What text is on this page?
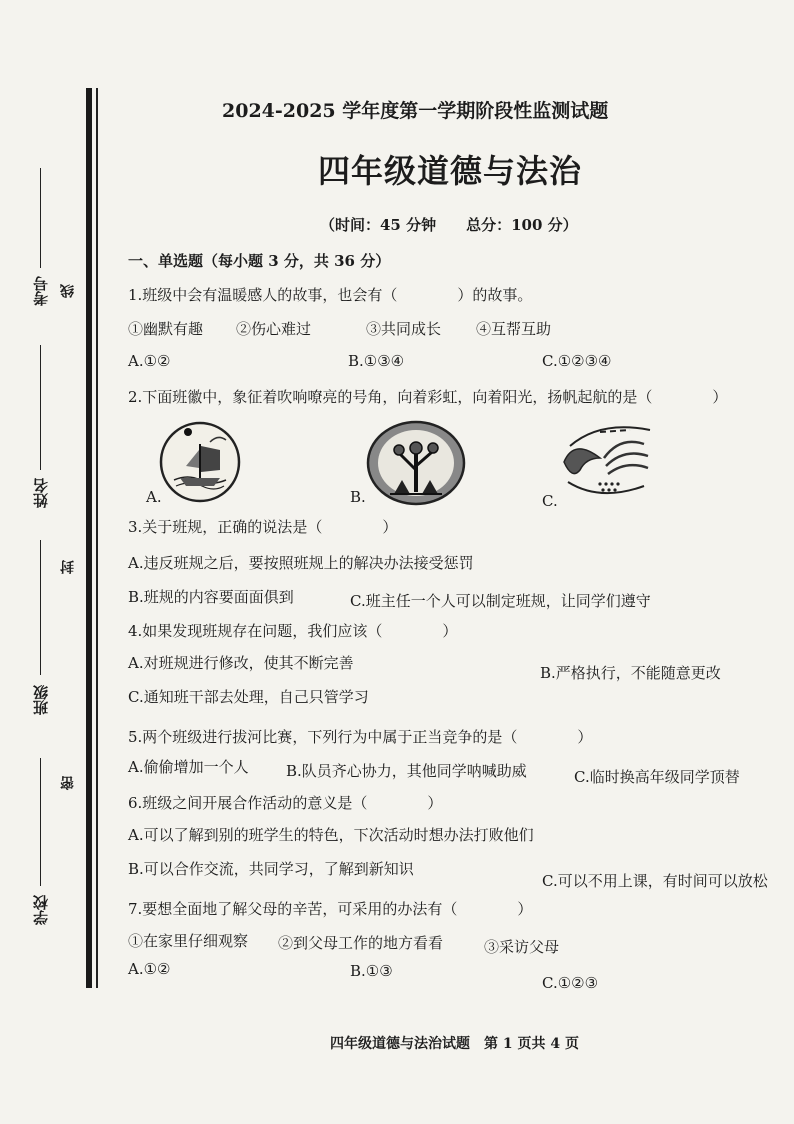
考号
姓名
班级
学校
线
封
密
2024-2025 学年度第一学期阶段性监测试题
四年级道德与法治
（时间：45 分钟　　总分：100 分）
一、单选题（每小题 3 分，共 36 分）
1.班级中会有温暖感人的故事，也会有（　　　　）的故事。
①幽默有趣 ②伤心难过	③共同成长 ④互帮互助
A.①②	B.①③④	C.①②③④
2.下面班徽中，象征着吹响嘹亮的号角，向着彩虹，向着阳光，扬帆起航的是（　　　　）
A.	B.	C.
3.关于班规，正确的说法是（　　　　）
A.违反班规之后，要按照班规上的解决办法接受惩罚
B.班规的内容要面面俱到	C.班主任一个人可以制定班规，让同学们遵守
4.如果发现班规存在问题，我们应该（　　　　）
A.对班规进行修改，使其不断完善
B.严格执行，不能随意更改
C.通知班干部去处理，自己只管学习
5.两个班级进行拔河比赛，下列行为中属于正当竞争的是（　　　　）
A.偷偷增加一个人 B.队员齐心协力，其他同学呐喊助威	C.临时换高年级同学顶替
6.班级之间开展合作活动的意义是（　　　　）
A.可以了解到别的班学生的特色，下次活动时想办法打败他们
B.可以合作交流，共同学习，了解到新知识
C.可以不用上课，有时间可以放松
7.要想全面地了解父母的辛苦，可采用的办法有（　　　　）
①在家里仔细观察 ②到父母工作的地方看看	③采访父母
A.①②	B.①③
C.①②③
四年级道德与法治试题　第 1 页共 4 页
